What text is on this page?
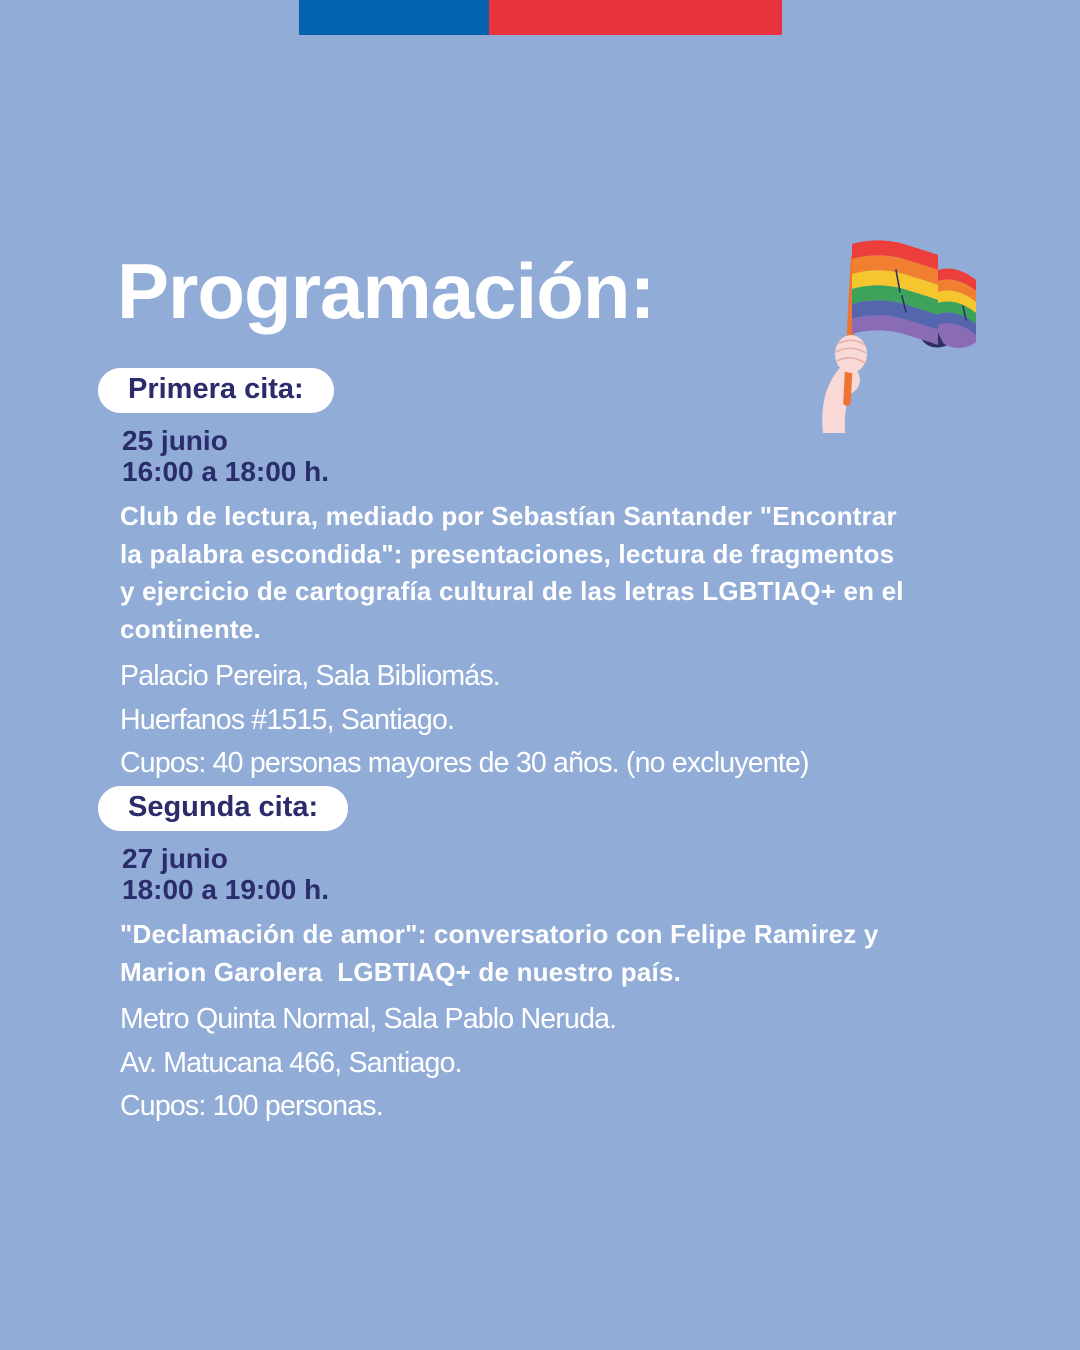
Programación:
Primera cita:
25 junio
16:00 a 18:00 h.
Club de lectura, mediado por Sebastían Santander "Encontrar
la palabra escondida": presentaciones, lectura de fragmentos
y ejercicio de cartografía cultural de las letras LGBTIAQ+ en el
continente.
Palacio Pereira, Sala Bibliomás.
Huerfanos #1515, Santiago.
Cupos: 40 personas mayores de 30 años. (no excluyente)
Segunda cita:
27 junio
18:00 a 19:00 h.
"Declamación de amor": conversatorio con Felipe Ramirez y
Marion Garolera  LGBTIAQ+ de nuestro país.
Metro Quinta Normal, Sala Pablo Neruda.
Av. Matucana 466, Santiago.
Cupos: 100 personas.
